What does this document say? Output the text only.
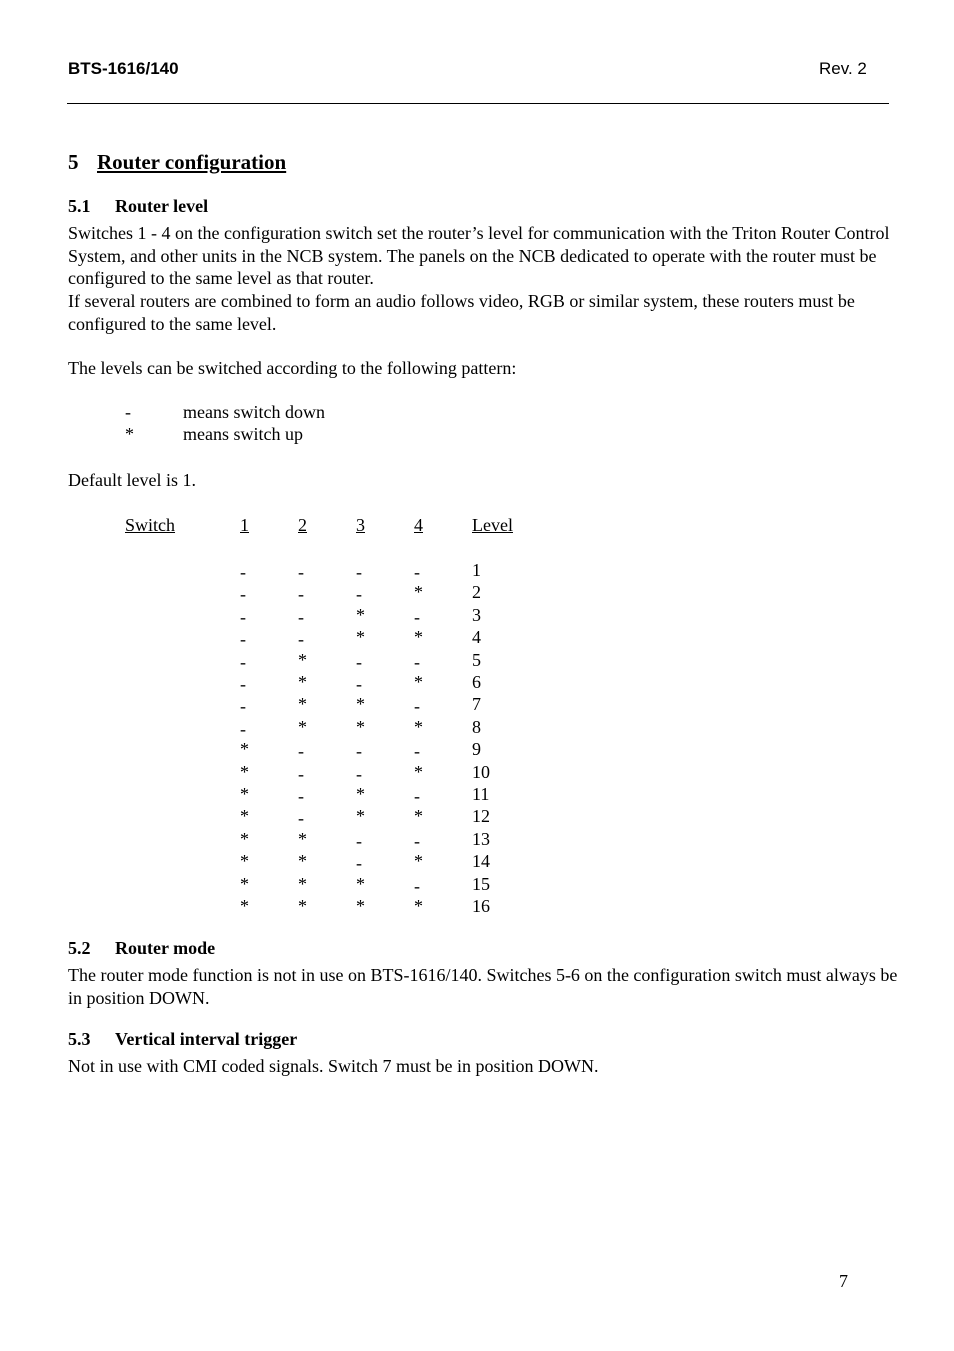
BTS-1616/140	Rev. 2
5 Router configuration
5.1 Router level
Switches 1 - 4 on the configuration switch set the router’s level for communication with the Triton Router Control System, and other units in the NCB system. The panels on the NCB dedicated to operate with the router must be configured to the same level as that router.
If several routers are combined to form an audio follows video, RGB or similar system, these routers must be configured to the same level.
The levels can be switched according to the following pattern:
-	means switch down
*	means switch up
Default level is 1.
Switch	1	2	3	4	Level
-	-	-	-	1
-	-	-	*	2
-	-	*	-	3
-	-	*	*	4
-	*	-	-	5
-	*	-	*	6
-	*	*	-	7
-	*	*	*	8
*	-	-	-	9
*	-	-	*	10
*	-	*	-	11
*	-	*	*	12
*	*	-	-	13
*	*	-	*	14
*	*	*	-	15
*	*	*	*	16
5.2 Router mode
The router mode function is not in use on BTS-1616/140. Switches 5-6 on the configuration switch must always be in position DOWN.
5.3 Vertical interval trigger
Not in use with CMI coded signals. Switch 7 must be in position DOWN.
7
